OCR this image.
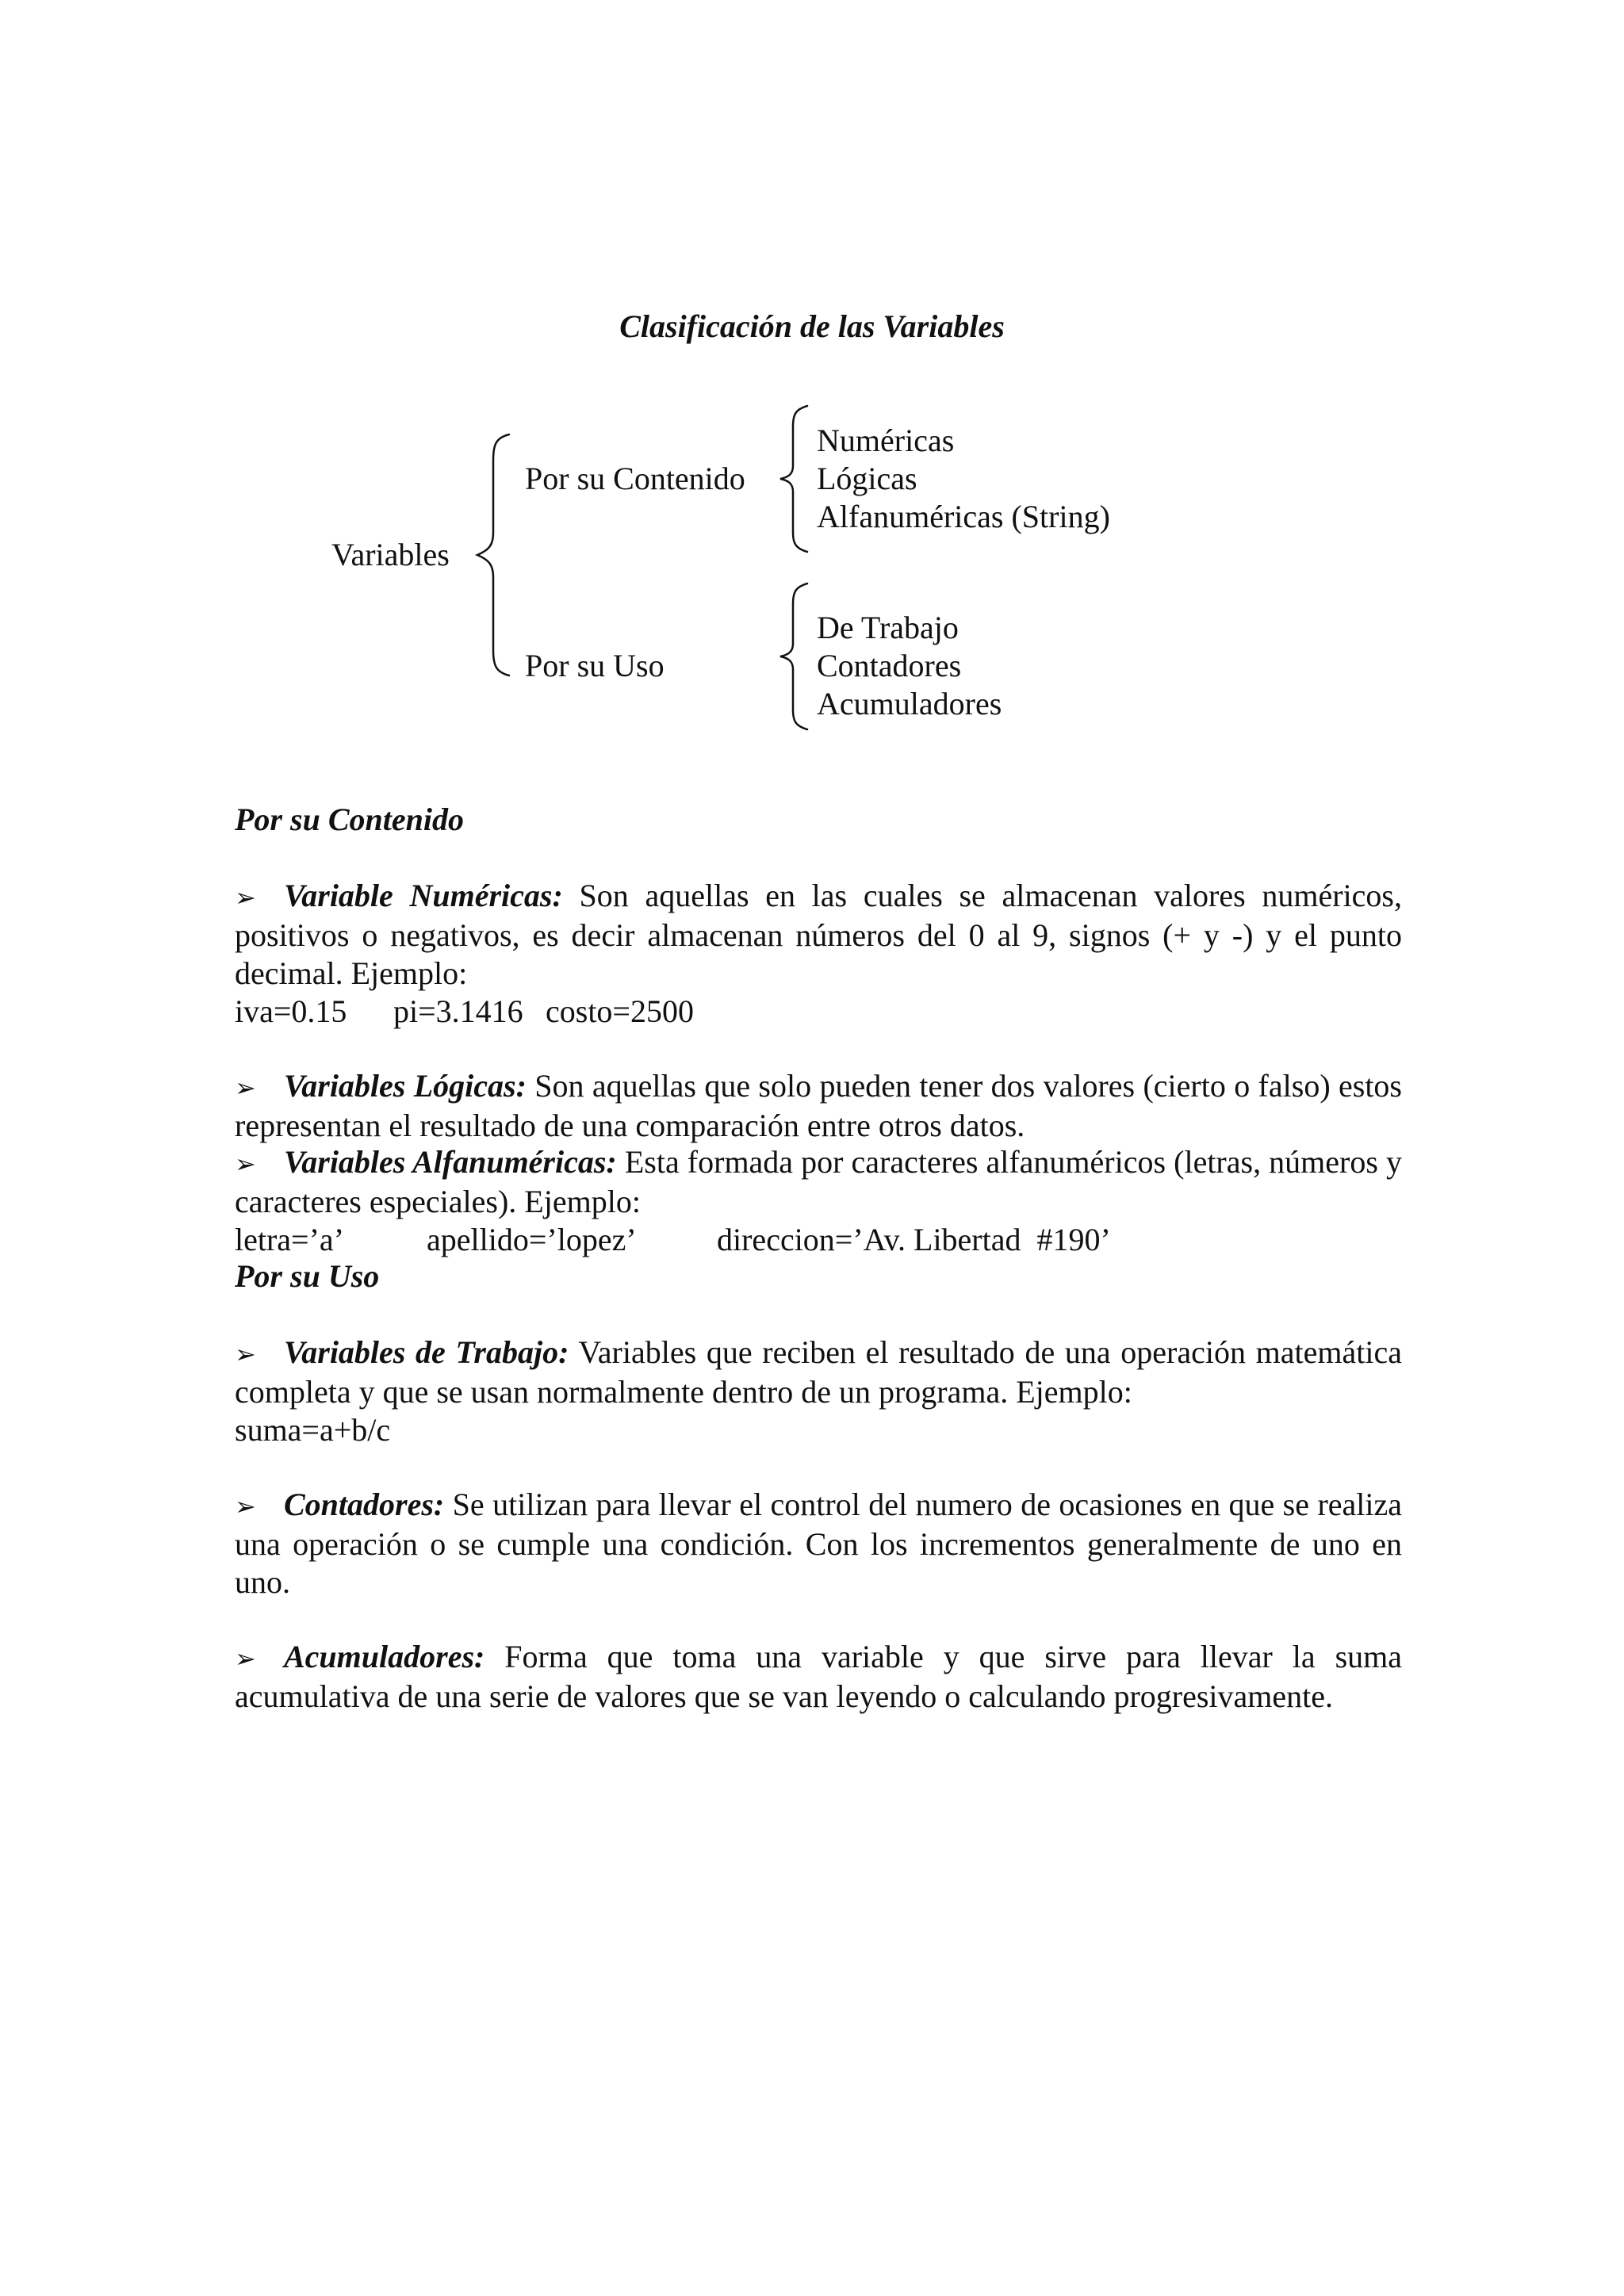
Clasificación de las Variables
Variables
Por su Contenido
Numéricas
Lógicas
Alfanuméricas (String)
Por su Uso
De Trabajo
Contadores
Acumuladores
Por su Contenido
➢ Variable Numéricas: Son aquellas en las cuales se almacenan valores numéricos, positivos o negativos, es decir almacenan números del 0 al 9, signos (+ y -) y el punto decimal. Ejemplo:
iva=0.15 pi=3.1416 costo=2500
➢ Variables Lógicas: Son aquellas que solo pueden tener dos valores (cierto o falso) estos representan el resultado de una comparación entre otros datos.
➢ Variables Alfanuméricas: Esta formada por caracteres alfanuméricos (letras, números y caracteres especiales). Ejemplo:
letra=’a’	apellido=’lopez’	direccion=’Av. Libertad  #190’
Por su Uso
➢ Variables de Trabajo: Variables que reciben el resultado de una operación matemática completa y que se usan normalmente dentro de un programa. Ejemplo:
suma=a+b/c
➢ Contadores: Se utilizan para llevar el control del numero de ocasiones en que se realiza una operación o se cumple una condición. Con los incrementos generalmente de uno en uno.
➢ Acumuladores: Forma que toma una variable y que sirve para llevar la suma acumulativa de una serie de valores que se van leyendo o calculando progresivamente.
